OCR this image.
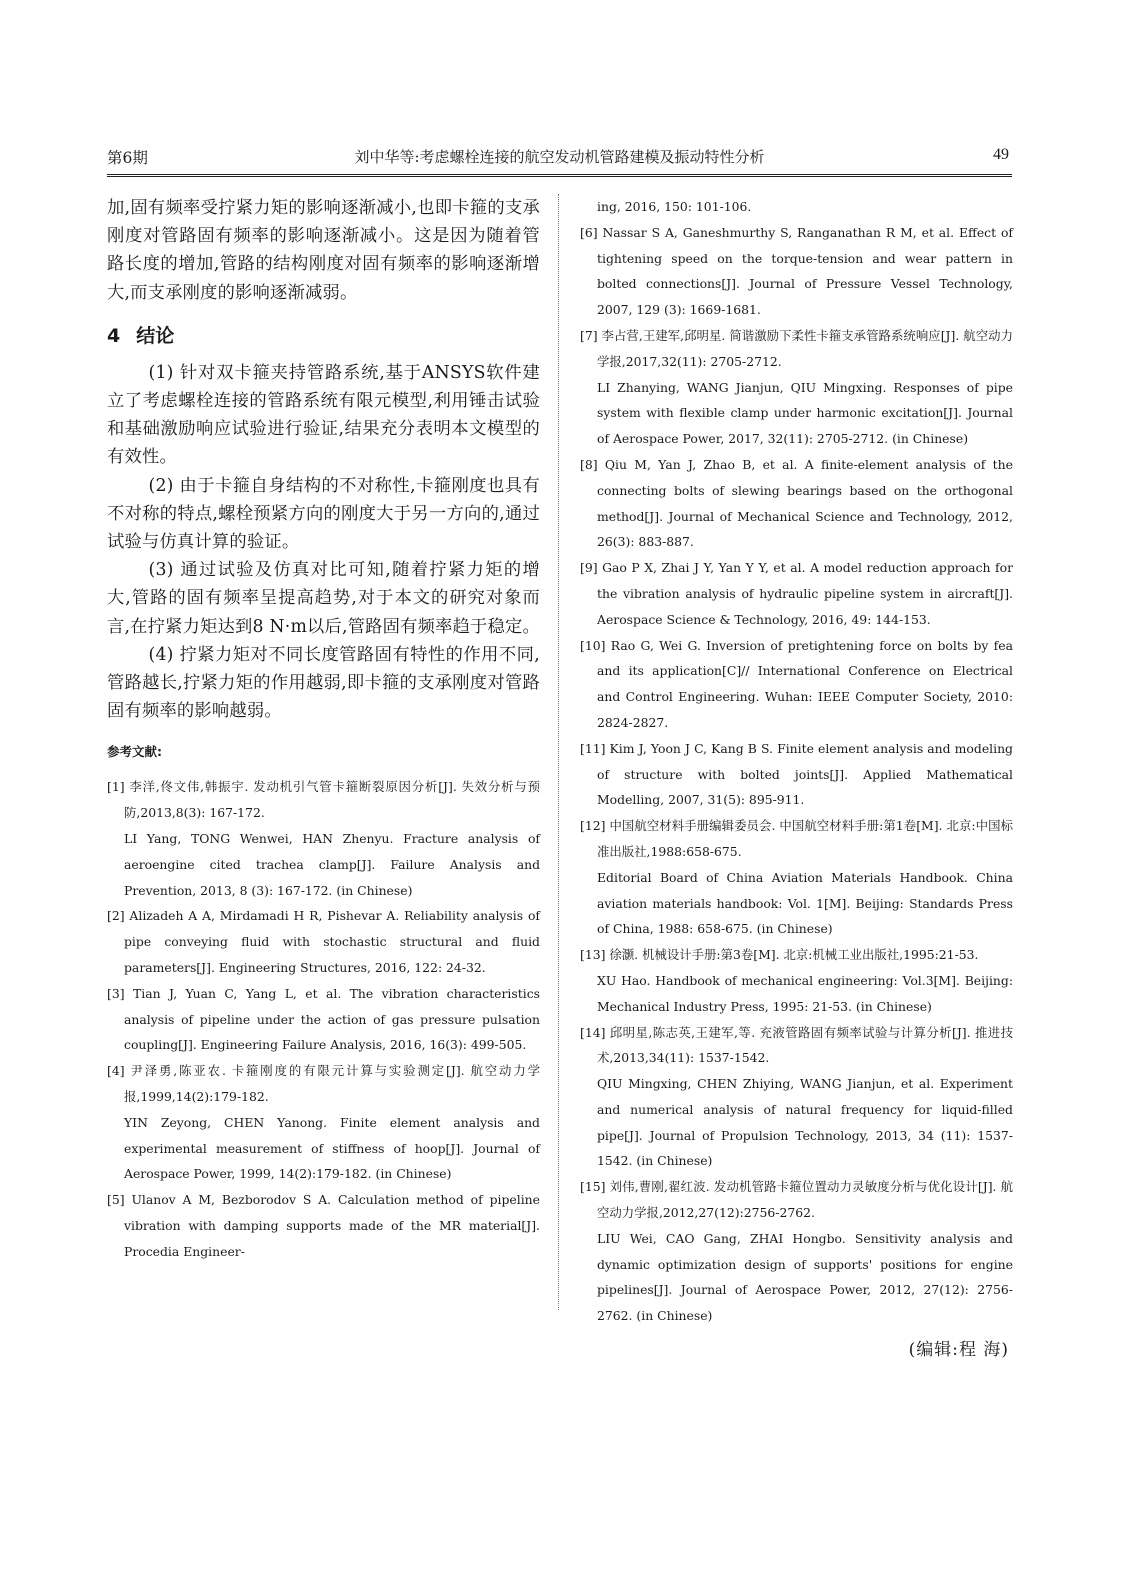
第6期	刘中华等:考虑螺栓连接的航空发动机管路建模及振动特性分析	49

加,固有频率受拧紧力矩的影响逐渐减小,也即卡箍的支承刚度对管路固有频率的影响逐渐减小。这是因为随着管路长度的增加,管路的结构刚度对固有频率的影响逐渐增大,而支承刚度的影响逐渐减弱。

4 结论

(1) 针对双卡箍夹持管路系统,基于ANSYS软件建立了考虑螺栓连接的管路系统有限元模型,利用锤击试验和基础激励响应试验进行验证,结果充分表明本文模型的有效性。

(2) 由于卡箍自身结构的不对称性,卡箍刚度也具有不对称的特点,螺栓预紧方向的刚度大于另一方向的,通过试验与仿真计算的验证。

(3) 通过试验及仿真对比可知,随着拧紧力矩的增大,管路的固有频率呈提高趋势,对于本文的研究对象而言,在拧紧力矩达到8 N·m以后,管路固有频率趋于稳定。

(4) 拧紧力矩对不同长度管路固有特性的作用不同,管路越长,拧紧力矩的作用越弱,即卡箍的支承刚度对管路固有频率的影响越弱。

参考文献:

[1] 李洋,佟文伟,韩振宇. 发动机引气管卡箍断裂原因分析[J]. 失效分析与预防,2013,8(3): 167-172.

LI Yang, TONG Wenwei, HAN Zhenyu. Fracture analysis of aeroengine cited trachea clamp[J]. Failure Analysis and Prevention, 2013, 8 (3): 167-172. (in Chinese)

[2] Alizadeh A A, Mirdamadi H R, Pishevar A. Reliability analysis of pipe conveying fluid with stochastic structural and fluid parameters[J]. Engineering Structures, 2016, 122: 24-32.

[3] Tian J, Yuan C, Yang L, et al. The vibration characteristics analysis of pipeline under the action of gas pressure pulsation coupling[J]. Engineering Failure Analysis, 2016, 16(3): 499-505.

[4] 尹泽勇,陈亚农. 卡箍刚度的有限元计算与实验测定[J]. 航空动力学报,1999,14(2):179-182.

YIN Zeyong, CHEN Yanong. Finite element analysis and experimental measurement of stiffness of hoop[J]. Journal of Aerospace Power, 1999, 14(2):179-182. (in Chinese)

[5] Ulanov A M, Bezborodov S A. Calculation method of pipeline vibration with damping supports made of the MR material[J]. Procedia Engineer-

ing, 2016, 150: 101-106.

[6] Nassar S A, Ganeshmurthy S, Ranganathan R M, et al. Effect of tightening speed on the torque-tension and wear pattern in bolted connections[J]. Journal of Pressure Vessel Technology, 2007, 129 (3): 1669-1681.

[7] 李占营,王建军,邱明星. 简谐激励下柔性卡箍支承管路系统响应[J]. 航空动力学报,2017,32(11): 2705-2712.

LI Zhanying, WANG Jianjun, QIU Mingxing. Responses of pipe system with flexible clamp under harmonic excitation[J]. Journal of Aerospace Power, 2017, 32(11): 2705-2712. (in Chinese)

[8] Qiu M, Yan J, Zhao B, et al. A finite-element analysis of the connecting bolts of slewing bearings based on the orthogonal method[J]. Journal of Mechanical Science and Technology, 2012, 26(3): 883-887.

[9] Gao P X, Zhai J Y, Yan Y Y, et al. A model reduction approach for the vibration analysis of hydraulic pipeline system in aircraft[J]. Aerospace Science & Technology, 2016, 49: 144-153.

[10] Rao G, Wei G. Inversion of pretightening force on bolts by fea and its application[C]// International Conference on Electrical and Control Engineering. Wuhan: IEEE Computer Society, 2010: 2824-2827.

[11] Kim J, Yoon J C, Kang B S. Finite element analysis and modeling of structure with bolted joints[J]. Applied Mathematical Modelling, 2007, 31(5): 895-911.

[12] 中国航空材料手册编辑委员会. 中国航空材料手册:第1卷[M]. 北京:中国标准出版社,1988:658-675.

Editorial Board of China Aviation Materials Handbook. China aviation materials handbook: Vol. 1[M]. Beijing: Standards Press of China, 1988: 658-675. (in Chinese)

[13] 徐灏. 机械设计手册:第3卷[M]. 北京:机械工业出版社,1995:21-53.

XU Hao. Handbook of mechanical engineering: Vol.3[M]. Beijing: Mechanical Industry Press, 1995: 21-53. (in Chinese)

[14] 邱明星,陈志英,王建军,等. 充液管路固有频率试验与计算分析[J]. 推进技术,2013,34(11): 1537-1542.

QIU Mingxing, CHEN Zhiying, WANG Jianjun, et al. Experiment and numerical analysis of natural frequency for liquid-filled pipe[J]. Journal of Propulsion Technology, 2013, 34 (11): 1537-1542. (in Chinese)

[15] 刘伟,曹刚,翟红波. 发动机管路卡箍位置动力灵敏度分析与优化设计[J]. 航空动力学报,2012,27(12):2756-2762.

LIU Wei, CAO Gang, ZHAI Hongbo. Sensitivity analysis and dynamic optimization design of supports' positions for engine pipelines[J]. Journal of Aerospace Power, 2012, 27(12): 2756-2762. (in Chinese)

(编辑:程 海)
